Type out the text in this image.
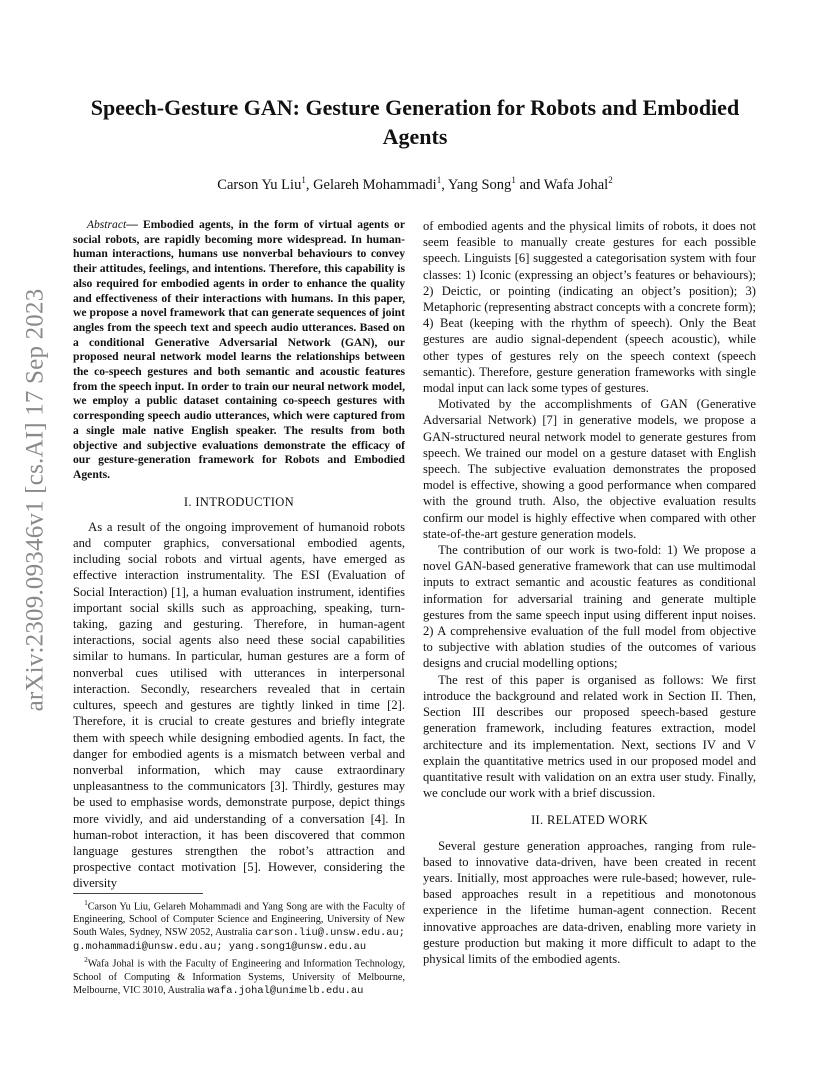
arXiv:2309.09346v1 [cs.AI] 17 Sep 2023
Speech-Gesture GAN: Gesture Generation for Robots and Embodied Agents
Carson Yu Liu$^1$, Gelareh Mohammadi$^1$, Yang Song$^1$ and Wafa Johal$^2$

Abstract— Embodied agents, in the form of virtual agents or social robots, are rapidly becoming more widespread. In human-human interactions, humans use nonverbal behaviours to convey their attitudes, feelings, and intentions. Therefore, this capability is also required for embodied agents in order to enhance the quality and effectiveness of their interactions with humans. In this paper, we propose a novel framework that can generate sequences of joint angles from the speech text and speech audio utterances. Based on a conditional Generative Adversarial Network (GAN), our proposed neural network model learns the relationships between the co-speech gestures and both semantic and acoustic features from the speech input. In order to train our neural network model, we employ a public dataset containing co-speech gestures with corresponding speech audio utterances, which were captured from a single male native English speaker. The results from both objective and subjective evaluations demonstrate the efficacy of our gesture-generation framework for Robots and Embodied Agents.

I. INTRODUCTION

As a result of the ongoing improvement of humanoid robots and computer graphics, conversational embodied agents, including social robots and virtual agents, have emerged as effective interaction instrumentality. The ESI (Evaluation of Social Interaction) [1], a human evaluation instrument, identifies important social skills such as approaching, speaking, turn-taking, gazing and gesturing. Therefore, in human-agent interactions, social agents also need these social capabilities similar to humans. In particular, human gestures are a form of nonverbal cues utilised with utterances in interpersonal interaction. Secondly, researchers revealed that in certain cultures, speech and gestures are tightly linked in time [2]. Therefore, it is crucial to create gestures and briefly integrate them with speech while designing embodied agents. In fact, the danger for embodied agents is a mismatch between verbal and nonverbal information, which may cause extraordinary unpleasantness to the communicators [3]. Thirdly, gestures may be used to emphasise words, demonstrate purpose, depict things more vividly, and aid understanding of a conversation [4]. In human-robot interaction, it has been discovered that common language gestures strengthen the robot’s attraction and prospective contact motivation [5]. However, considering the diversity

$^1$Carson Yu Liu, Gelareh Mohammadi and Yang Song are with the Faculty of Engineering, School of Computer Science and Engineering, University of New South Wales, Sydney, NSW 2052, Australia carson.liu@.unsw.edu.au; g.mohammadi@unsw.edu.au; yang.song1@unsw.edu.au

$^2$Wafa Johal is with the Faculty of Engineering and Information Technology, School of Computing & Information Systems, University of Melbourne, Melbourne, VIC 3010, Australia wafa.johal@unimelb.edu.au

of embodied agents and the physical limits of robots, it does not seem feasible to manually create gestures for each possible speech. Linguists [6] suggested a categorisation system with four classes: 1) Iconic (expressing an object’s features or behaviours); 2) Deictic, or pointing (indicating an object’s position); 3) Metaphoric (representing abstract concepts with a concrete form); 4) Beat (keeping with the rhythm of speech). Only the Beat gestures are audio signal-dependent (speech acoustic), while other types of gestures rely on the speech context (speech semantic). Therefore, gesture generation frameworks with single modal input can lack some types of gestures.

Motivated by the accomplishments of GAN (Generative Adversarial Network) [7] in generative models, we propose a GAN-structured neural network model to generate gestures from speech. We trained our model on a gesture dataset with English speech. The subjective evaluation demonstrates the proposed model is effective, showing a good performance when compared with the ground truth. Also, the objective evaluation results confirm our model is highly effective when compared with other state-of-the-art gesture generation models.

The contribution of our work is two-fold: 1) We propose a novel GAN-based generative framework that can use multimodal inputs to extract semantic and acoustic features as conditional information for adversarial training and generate multiple gestures from the same speech input using different input noises. 2) A comprehensive evaluation of the full model from objective to subjective with ablation studies of the outcomes of various designs and crucial modelling options;

The rest of this paper is organised as follows: We first introduce the background and related work in Section II. Then, Section III describes our proposed speech-based gesture generation framework, including features extraction, model architecture and its implementation. Next, sections IV and V explain the quantitative metrics used in our proposed model and quantitative result with validation on an extra user study. Finally, we conclude our work with a brief discussion.

II. RELATED WORK

Several gesture generation approaches, ranging from rule-based to innovative data-driven, have been created in recent years. Initially, most approaches were rule-based; however, rule-based approaches result in a repetitious and monotonous experience in the lifetime human-agent connection. Recent innovative approaches are data-driven, enabling more variety in gesture production but making it more difficult to adapt to the physical limits of the embodied agents.
